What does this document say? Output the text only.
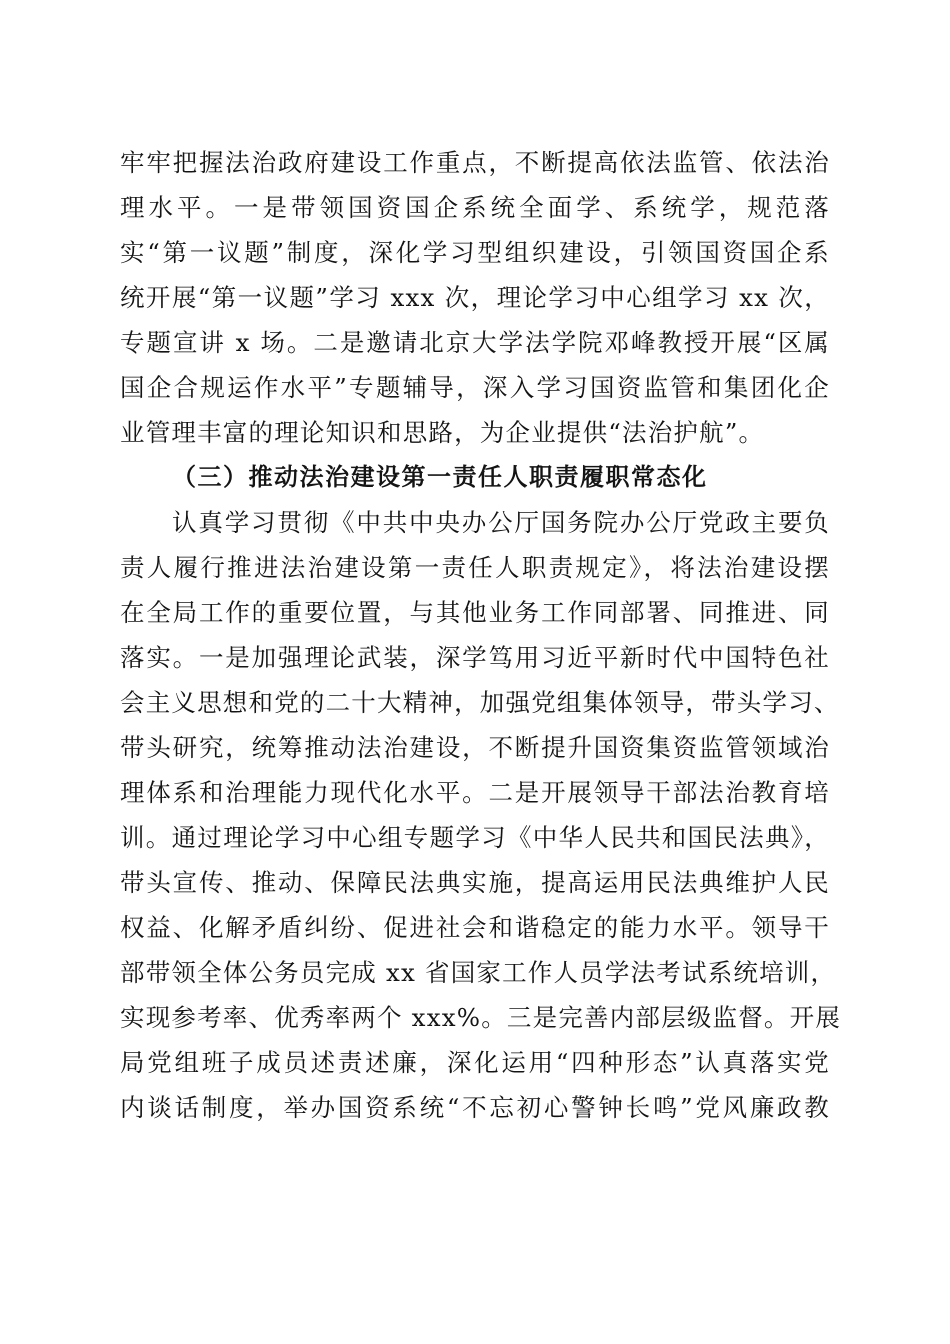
牢牢把握法治政府建设工作重点，不断提高依法监管、依法治
理水平。一是带领国资国企系统全面学、系统学，规范落
实“第一议题”制度，深化学习型组织建设，引领国资国企系
统开展“第一议题”学习 xxx 次，理论学习中心组学习 xx 次，
专题宣讲 x 场。二是邀请北京大学法学院邓峰教授开展“区属
国企合规运作水平”专题辅导，深入学习国资监管和集团化企
业管理丰富的理论知识和思路，为企业提供“法治护航”。
（三）推动法治建设第一责任人职责履职常态化
认真学习贯彻《中共中央办公厅国务院办公厅党政主要负
责人履行推进法治建设第一责任人职责规定》，将法治建设摆
在全局工作的重要位置，与其他业务工作同部署、同推进、同
落实。一是加强理论武装，深学笃用习近平新时代中国特色社
会主义思想和党的二十大精神，加强党组集体领导，带头学习、
带头研究，统筹推动法治建设，不断提升国资集资监管领域治
理体系和治理能力现代化水平。二是开展领导干部法治教育培
训。通过理论学习中心组专题学习《中华人民共和国民法典》，
带头宣传、推动、保障民法典实施，提高运用民法典维护人民
权益、化解矛盾纠纷、促进社会和谐稳定的能力水平。领导干
部带领全体公务员完成 xx 省国家工作人员学法考试系统培训，
实现参考率、优秀率两个 xxx%。三是完善内部层级监督。开展
局党组班子成员述责述廉，深化运用“四种形态”认真落实党
内谈话制度，举办国资系统“不忘初心警钟长鸣”党风廉政教
